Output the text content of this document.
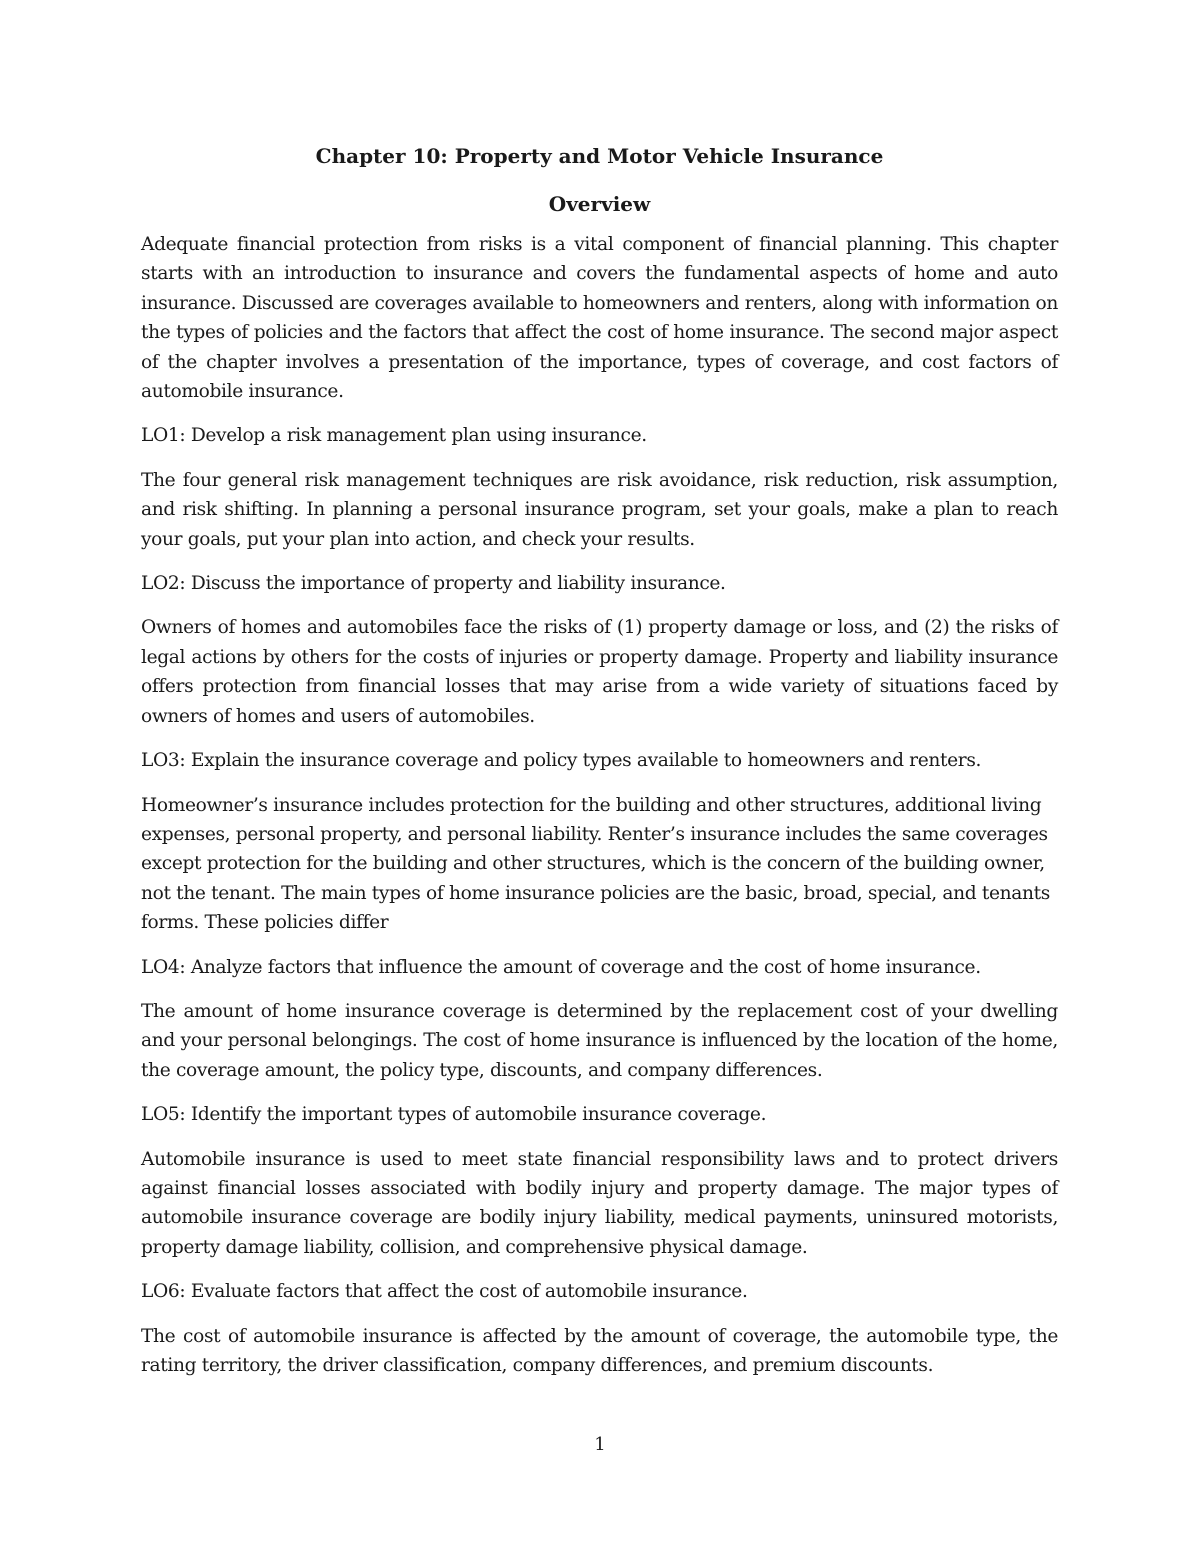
Chapter 10: Property and Motor Vehicle Insurance
Overview
Adequate financial protection from risks is a vital component of financial planning. This chapter starts with an introduction to insurance and covers the fundamental aspects of home and auto insurance. Discussed are coverages available to homeowners and renters, along with information on the types of policies and the factors that affect the cost of home insurance. The second major aspect of the chapter involves a presentation of the importance, types of coverage, and cost factors of automobile insurance.
LO1: Develop a risk management plan using insurance.
The four general risk management techniques are risk avoidance, risk reduction, risk assumption, and risk shifting. In planning a personal insurance program, set your goals, make a plan to reach your goals, put your plan into action, and check your results.
LO2: Discuss the importance of property and liability insurance.
Owners of homes and automobiles face the risks of (1) property damage or loss, and (2) the risks of legal actions by others for the costs of injuries or property damage. Property and liability insurance offers protection from financial losses that may arise from a wide variety of situations faced by owners of homes and users of automobiles.
LO3: Explain the insurance coverage and policy types available to homeowners and renters.
Homeowner’s insurance includes protection for the building and other structures, additional living expenses, personal property, and personal liability. Renter’s insurance includes the same coverages except protection for the building and other structures, which is the concern of the building owner, not the tenant. The main types of home insurance policies are the basic, broad, special, and tenants forms. These policies differ
LO4: Analyze factors that influence the amount of coverage and the cost of home insurance.
The amount of home insurance coverage is determined by the replacement cost of your dwelling and your personal belongings. The cost of home insurance is influenced by the location of the home, the coverage amount, the policy type, discounts, and company differences.
LO5: Identify the important types of automobile insurance coverage.
Automobile insurance is used to meet state financial responsibility laws and to protect drivers against financial losses associated with bodily injury and property damage. The major types of automobile insurance coverage are bodily injury liability, medical payments, uninsured motorists, property damage liability, collision, and comprehensive physical damage.
LO6: Evaluate factors that affect the cost of automobile insurance.
The cost of automobile insurance is affected by the amount of coverage, the automobile type, the rating territory, the driver classification, company differences, and premium discounts.
1
